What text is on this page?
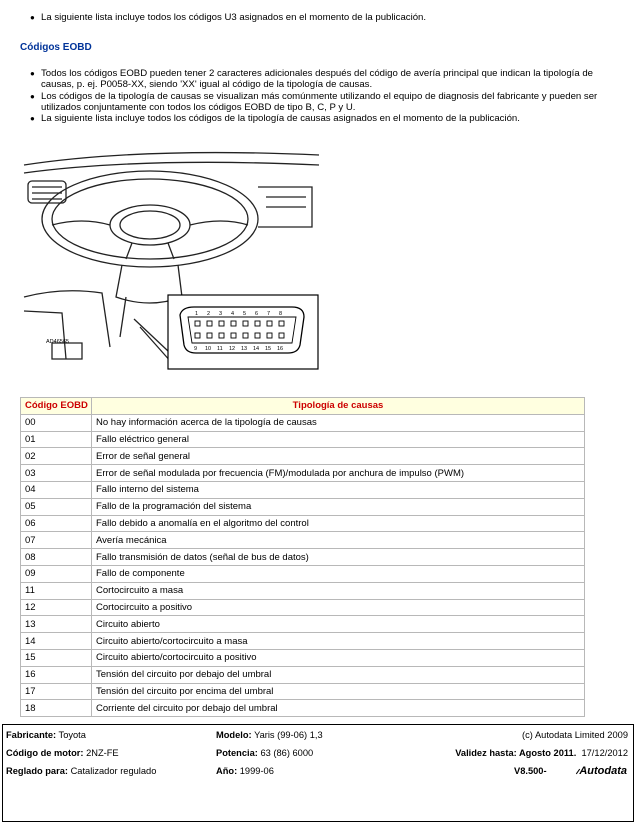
● La siguiente lista incluye todos los códigos U3 asignados en el momento de la publicación.
Códigos EOBD
● Todos los códigos EOBD pueden tener 2 caracteres adicionales después del código de avería principal que indican la tipología de causas, p. ej. P0058-XX, siendo 'XX' igual al código de la tipología de causas.
● Los códigos de la tipología de causas se visualizan más comúnmente utilizando el equipo de diagnosis del fabricante y pueden ser utilizados conjuntamente con todos los códigos EOBD de tipo B, C, P y U.
● La siguiente lista incluye todos los códigos de la tipología de causas asignados en el momento de la publicación.
AD46565
1 2 3 4 5 6 7 8
9 10 11 12 13 14 15 16
Código EOBD	Tipología de causas
00	No hay información acerca de la tipología de causas
01	Fallo eléctrico general
02	Error de señal general
03	Error de señal modulada por frecuencia (FM)/modulada por anchura de impulso (PWM)
04	Fallo interno del sistema
05	Fallo de la programación del sistema
06	Fallo debido a anomalía en el algoritmo del control
07	Avería mecánica
08	Fallo transmisión de datos (señal de bus de datos)
09	Fallo de componente
11	Cortocircuito a masa
12	Cortocircuito a positivo
13	Circuito abierto
14	Circuito abierto/cortocircuito a masa
15	Circuito abierto/cortocircuito a positivo
16	Tensión del circuito por debajo del umbral
17	Tensión del circuito por encima del umbral
18	Corriente del circuito por debajo del umbral
Fabricante: Toyota	Modelo: Yaris (99-06) 1,3	(c) Autodata Limited 2009
Código de motor: 2NZ-FE	Potencia: 63 (86) 6000	Validez hasta: Agosto 2011. 17/12/2012
Reglado para: Catalizador regulado	Año: 1999-06	V8.500-	Autodata
